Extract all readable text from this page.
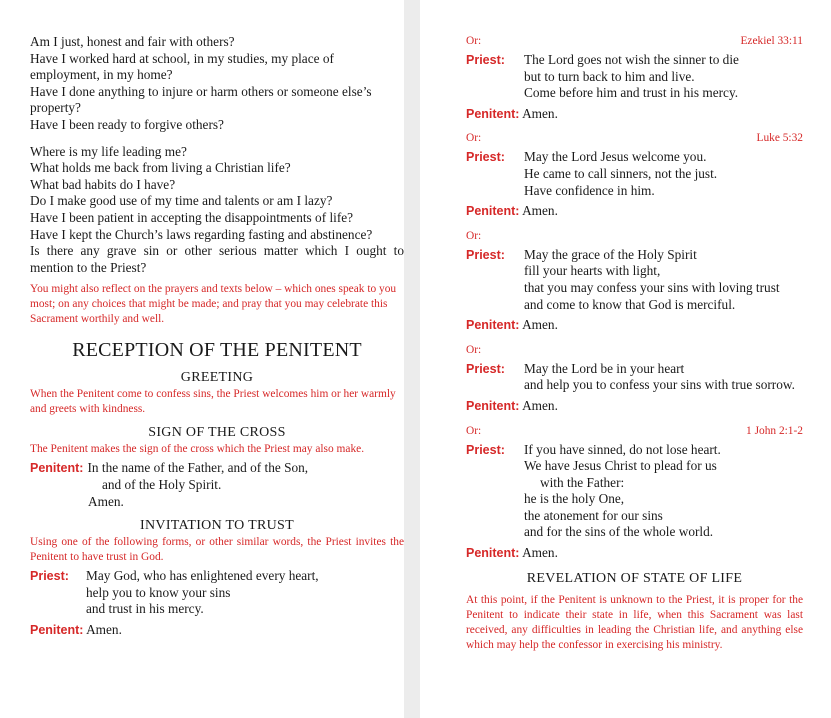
Am I just, honest and fair with others?

Have I worked hard at school, in my studies, my place of employment, in my home?

Have I done anything to injure or harm others or someone else’s property?

Have I been ready to forgive others?

Where is my life leading me?

What holds me back from living a Christian life?

What bad habits do I have?

Do I make good use of my time and talents or am I lazy?

Have I been patient in accepting the disappointments of life?

Have I kept the Church’s laws regarding fasting and abstinence?

Is there any grave sin or other serious matter which I ought to mention to the Priest?

You might also reflect on the prayers and texts below – which ones speak to you most; on any choices that might be made; and pray that you may celebrate this Sacrament worthily and well.

RECEPTION OF THE PENITENT
GREETING

When the Penitent come to confess sins, the Priest welcomes him or her warmly and greets with kindness.

SIGN OF THE CROSS

The Penitent makes the sign of the cross which the Priest may also make.

Penitent: In the name of the Father, and of the Son,
and of the Holy Spirit.
Amen.
INVITATION TO TRUST

Using one of the following forms, or other similar words, the Priest invites the Penitent to have trust in God.

Priest:	May God, who has enlightened every heart,
help you to know your sins
and trust in his mercy.
Penitent: Amen.
Or:	Ezekiel 33:11
Priest:	The Lord goes not wish the sinner to die
but to turn back to him and live.
Come before him and trust in his mercy.
Penitent: Amen.
Or:	Luke 5:32
Priest:	May the Lord Jesus welcome you.
He came to call sinners, not the just.
Have confidence in him.
Penitent: Amen.
Or:
Priest:	May the grace of the Holy Spirit
fill your hearts with light,
that you may confess your sins with loving trust
and come to know that God is merciful.
Penitent: Amen.
Or:
Priest:	May the Lord be in your heart
and help you to confess your sins with true sorrow.
Penitent: Amen.
Or:	1 John 2:1-2
Priest:	If you have sinned, do not lose heart.
We have Jesus Christ to plead for us
with the Father:
he is the holy One,
the atonement for our sins
and for the sins of the whole world.
Penitent: Amen.
REVELATION OF STATE OF LIFE

At this point, if the Penitent is unknown to the Priest, it is proper for the Penitent to indicate their state in life, when this Sacrament was last received, any difficulties in leading the Christian life, and anything else which may help the confessor in exercising his ministry.
